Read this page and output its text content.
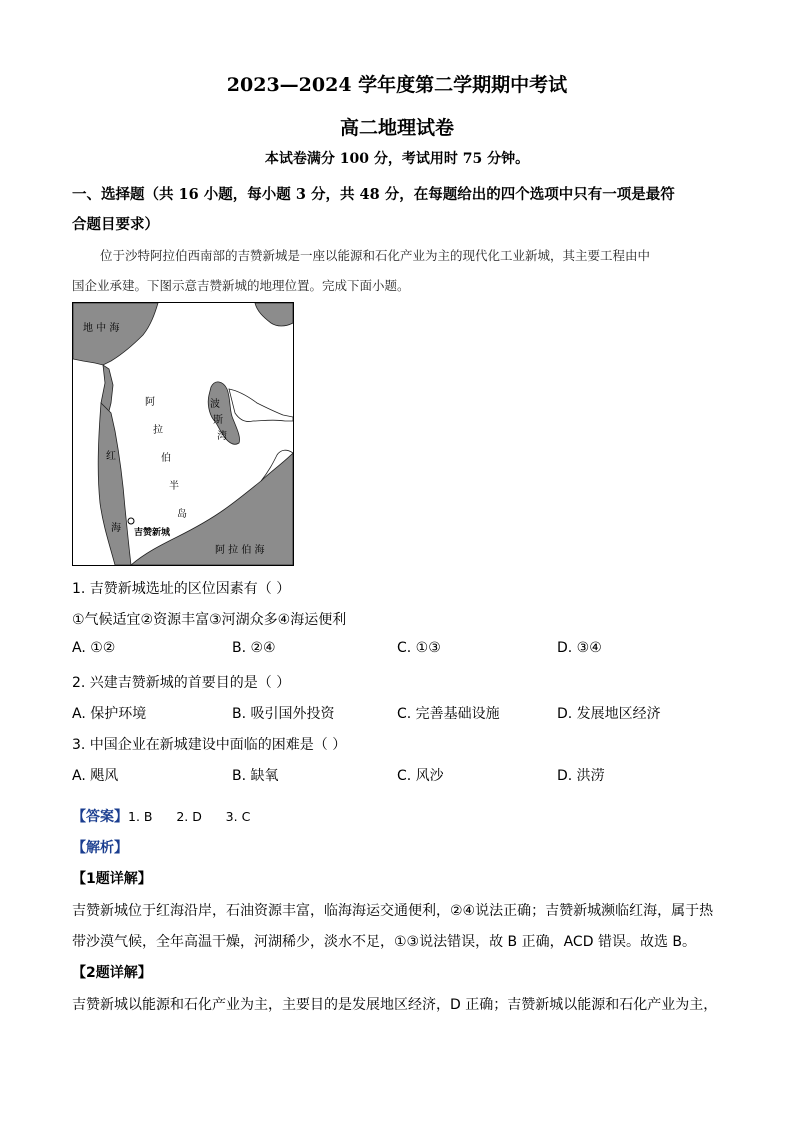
2023—2024 学年度第二学期期中考试
高二地理试卷
本试卷满分 100 分，考试用时 75 分钟。
一、选择题（共 16 小题，每小题 3 分，共 48 分，在每题给出的四个选项中只有一项是最符
合题目要求）
位于沙特阿拉伯西南部的吉赞新城是一座以能源和石化产业为主的现代化工业新城，其主要工程由中
国企业承建。下图示意吉赞新城的地理位置。完成下面小题。
地 中 海
阿
拉
伯
半
岛
波
斯
湾
红
海 吉赞新城
阿 拉 伯 海
1. 吉赞新城选址的区位因素有（ ）
①气候适宜②资源丰富③河湖众多④海运便利
A. ①②	B. ②④	C. ①③	D. ③④
2. 兴建吉赞新城的首要目的是（ ）
A. 保护环境	B. 吸引国外投资	C. 完善基础设施	D. 发展地区经济
3. 中国企业在新城建设中面临的困难是（ ）
A. 飓风	B. 缺氧	C. 风沙	D. 洪涝
【答案】1. B      2. D      3. C
【解析】
【1题详解】
吉赞新城位于红海沿岸，石油资源丰富，临海海运交通便利，②④说法正确；吉赞新城濒临红海，属于热
带沙漠气候，全年高温干燥，河湖稀少，淡水不足，①③说法错误，故 B 正确，ACD 错误。故选 B。
【2题详解】
吉赞新城以能源和石化产业为主，主要目的是发展地区经济，D 正确；吉赞新城以能源和石化产业为主，
